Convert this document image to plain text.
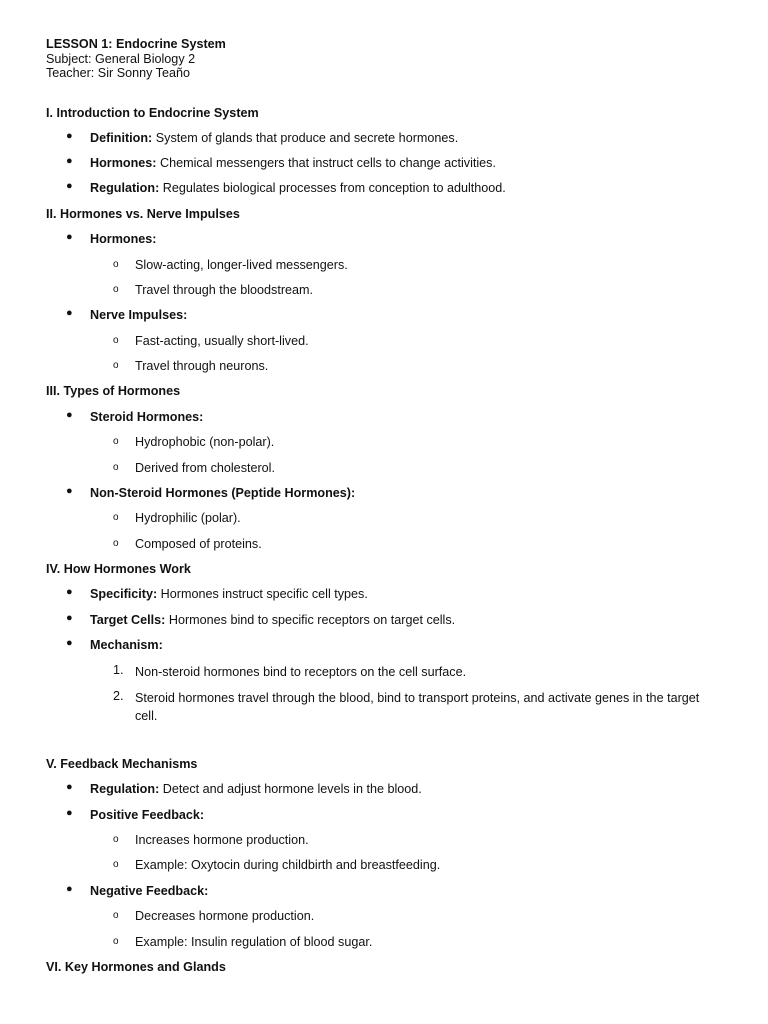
LESSON 1: Endocrine System
Subject: General Biology 2
Teacher: Sir Sonny Teaño
I. Introduction to Endocrine System
● Definition: System of glands that produce and secrete hormones.
● Hormones: Chemical messengers that instruct cells to change activities.
● Regulation: Regulates biological processes from conception to adulthood.
II. Hormones vs. Nerve Impulses
● Hormones:
o Slow-acting, longer-lived messengers.
o Travel through the bloodstream.
● Nerve Impulses:
o Fast-acting, usually short-lived.
o Travel through neurons.
III. Types of Hormones
● Steroid Hormones:
o Hydrophobic (non-polar).
o Derived from cholesterol.
● Non-Steroid Hormones (Peptide Hormones):
o Hydrophilic (polar).
o Composed of proteins.
IV. How Hormones Work
● Specificity: Hormones instruct specific cell types.
● Target Cells: Hormones bind to specific receptors on target cells.
● Mechanism:
1. Non-steroid hormones bind to receptors on the cell surface.
2. Steroid hormones travel through the blood, bind to transport proteins, and activate genes in the target cell.
V. Feedback Mechanisms
● Regulation: Detect and adjust hormone levels in the blood.
● Positive Feedback:
o Increases hormone production.
o Example: Oxytocin during childbirth and breastfeeding.
● Negative Feedback:
o Decreases hormone production.
o Example: Insulin regulation of blood sugar.
VI. Key Hormones and Glands
